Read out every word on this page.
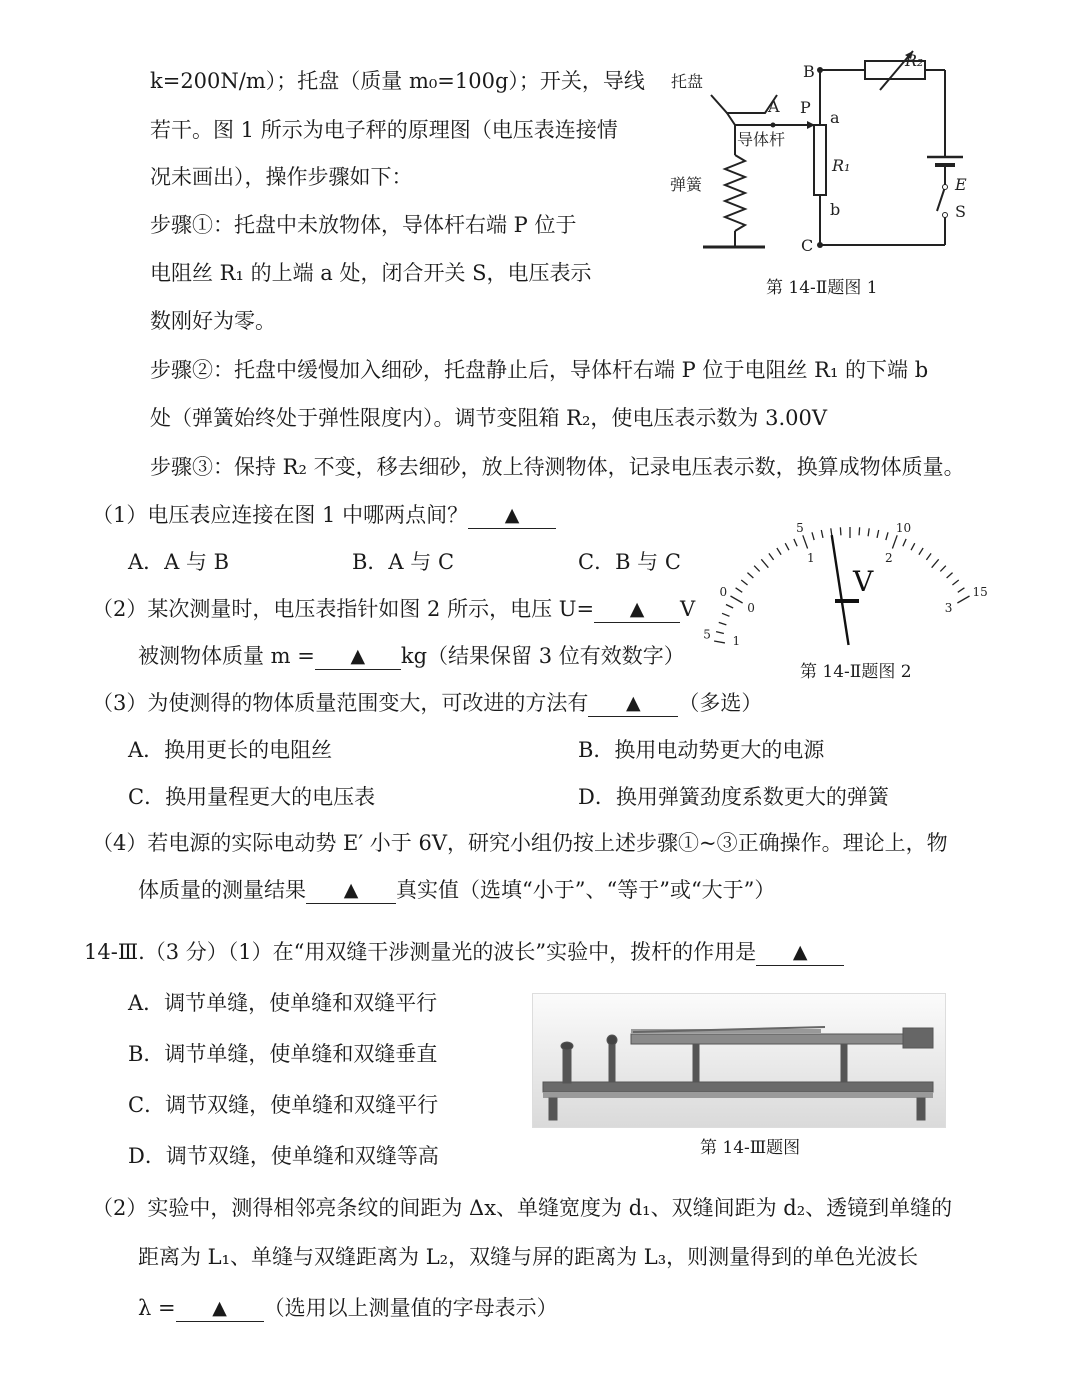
k=200N/m）；托盘（质量 m₀=100g）；开关，导线
若干。图 1 所示为电子秤的原理图（电压表连接情
况未画出），操作步骤如下：
步骤①：托盘中未放物体，导体杆右端 P 位于
电阻丝 R₁ 的上端 a 处，闭合开关 S，电压表示
数刚好为零。
步骤②：托盘中缓慢加入细砂，托盘静止后，导体杆右端 P 位于电阻丝 R₁ 的下端 b
处（弹簧始终处于弹性限度内）。调节变阻箱 R₂，使电压表示数为 3.00V
步骤③：保持 R₂ 不变，移去细砂，放上待测物体，记录电压表示数，换算成物体质量。
（1）电压表应连接在图 1 中哪两点间？ ▲
A．A 与 B	B．A 与 C	C．B 与 C
（2）某次测量时，电压表指针如图 2 所示，电压 U= ▲ V
被测物体质量 m = ▲ kg（结果保留 3 位有效数字）
（3）为使测得的物体质量范围变大，可改进的方法有 ▲ （多选）
A．换用更长的电阻丝	B．换用电动势更大的电源
C．换用量程更大的电压表	D．换用弹簧劲度系数更大的弹簧
（4）若电源的实际电动势 E′ 小于 6V，研究小组仍按上述步骤①~③正确操作。理论上，物
体质量的测量结果 ▲ 真实值（选填“小于”、“等于”或“大于”）
14-Ⅲ.（3 分）（1）在“用双缝干涉测量光的波长”实验中，拨杆的作用是 ▲
A．调节单缝，使单缝和双缝平行
B．调节单缝，使单缝和双缝垂直
C．调节双缝，使单缝和双缝平行
D．调节双缝，使单缝和双缝等高
（2）实验中，测得相邻亮条纹的间距为 Δx、单缝宽度为 d₁、双缝间距为 d₂、透镜到单缝的
距离为 L₁、单缝与双缝距离为 L₂，双缝与屏的距离为 L₃，则测量得到的单色光波长
λ = ▲ （选用以上测量值的字母表示）
托盘
弹簧
导体杆
A P
a
b
B
C
R₁
R₂
E
S
第 14-Ⅱ题图 1
0
5	10
15
0
1	2
3
5 1
V
第 14-Ⅱ题图 2
第 14-Ⅲ题图
